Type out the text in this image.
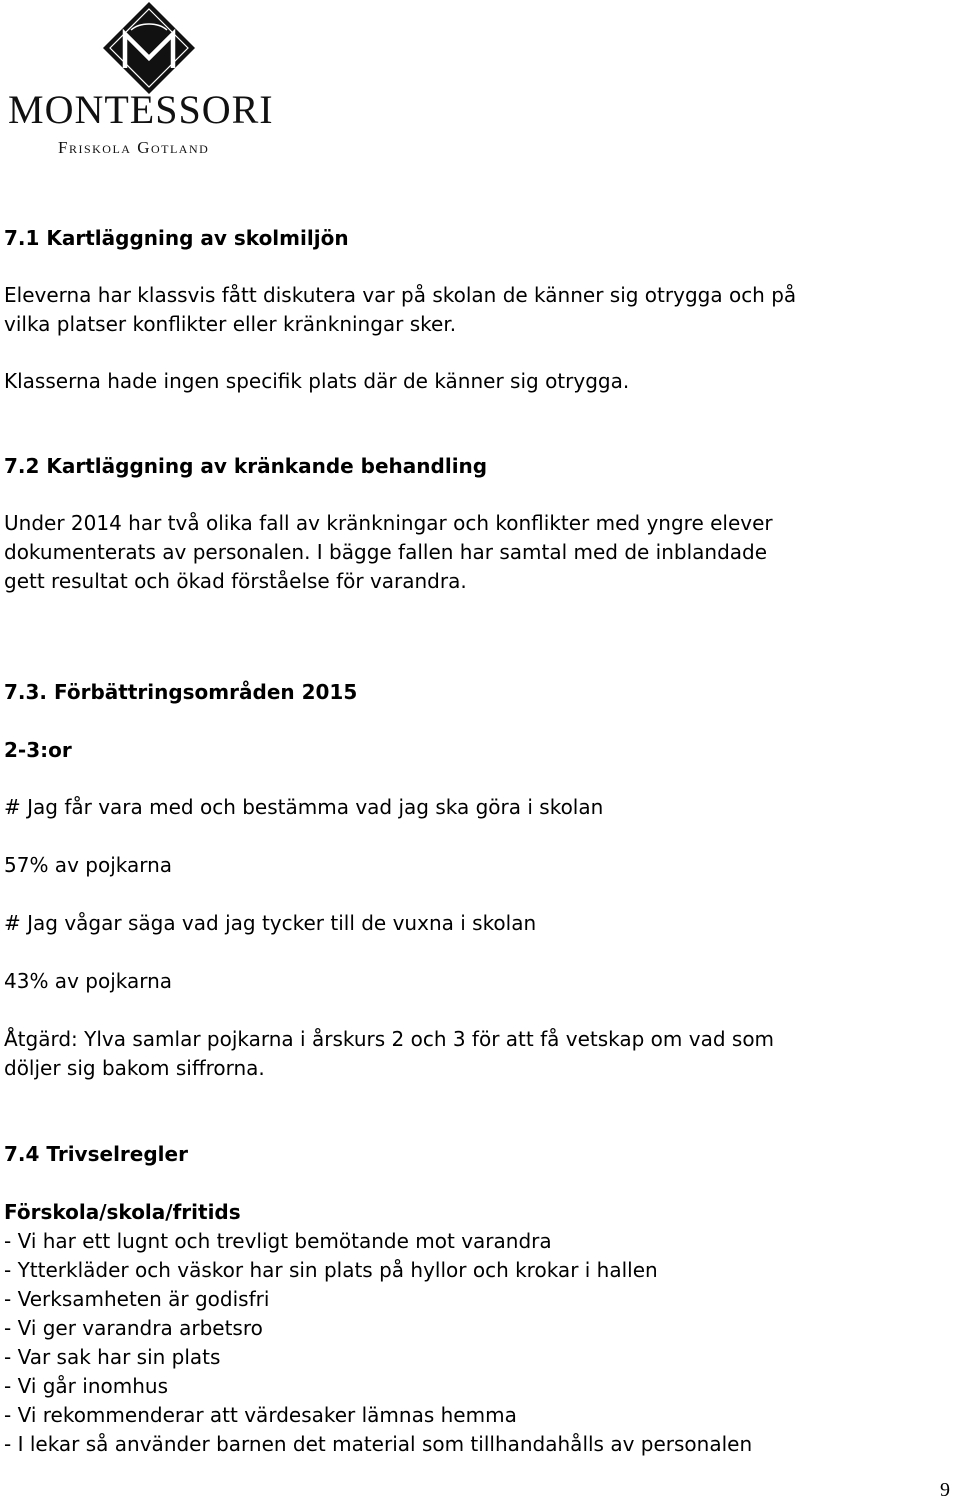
MONTESSORI
Friskola Gotland
7.1 Kartläggning av skolmiljön

Eleverna har klassvis fått diskutera var på skolan de känner sig otrygga och på

vilka platser konflikter eller kränkningar sker.

Klasserna hade ingen specifik plats där de känner sig otrygga.

7.2 Kartläggning av kränkande behandling

Under 2014 har två olika fall av kränkningar och konflikter med yngre elever

dokumenterats av personalen. I bägge fallen har samtal med de inblandade

gett resultat och ökad förståelse för varandra.

7.3. Förbättringsområden 2015
2-3:or

# Jag får vara med och bestämma vad jag ska göra i skolan

57% av pojkarna

# Jag vågar säga vad jag tycker till de vuxna i skolan

43% av pojkarna

Åtgärd: Ylva samlar pojkarna i årskurs 2 och 3 för att få vetskap om vad som

döljer sig bakom siffrorna.

7.4 Trivselregler
Förskola/skola/fritids
- Vi har ett lugnt och trevligt bemötande mot varandra
- Ytterkläder och väskor har sin plats på hyllor och krokar i hallen
- Verksamheten är godisfri
- Vi ger varandra arbetsro
- Var sak har sin plats
- Vi går inomhus
- Vi rekommenderar att värdesaker lämnas hemma
- I lekar så använder barnen det material som tillhandahålls av personalen
9
